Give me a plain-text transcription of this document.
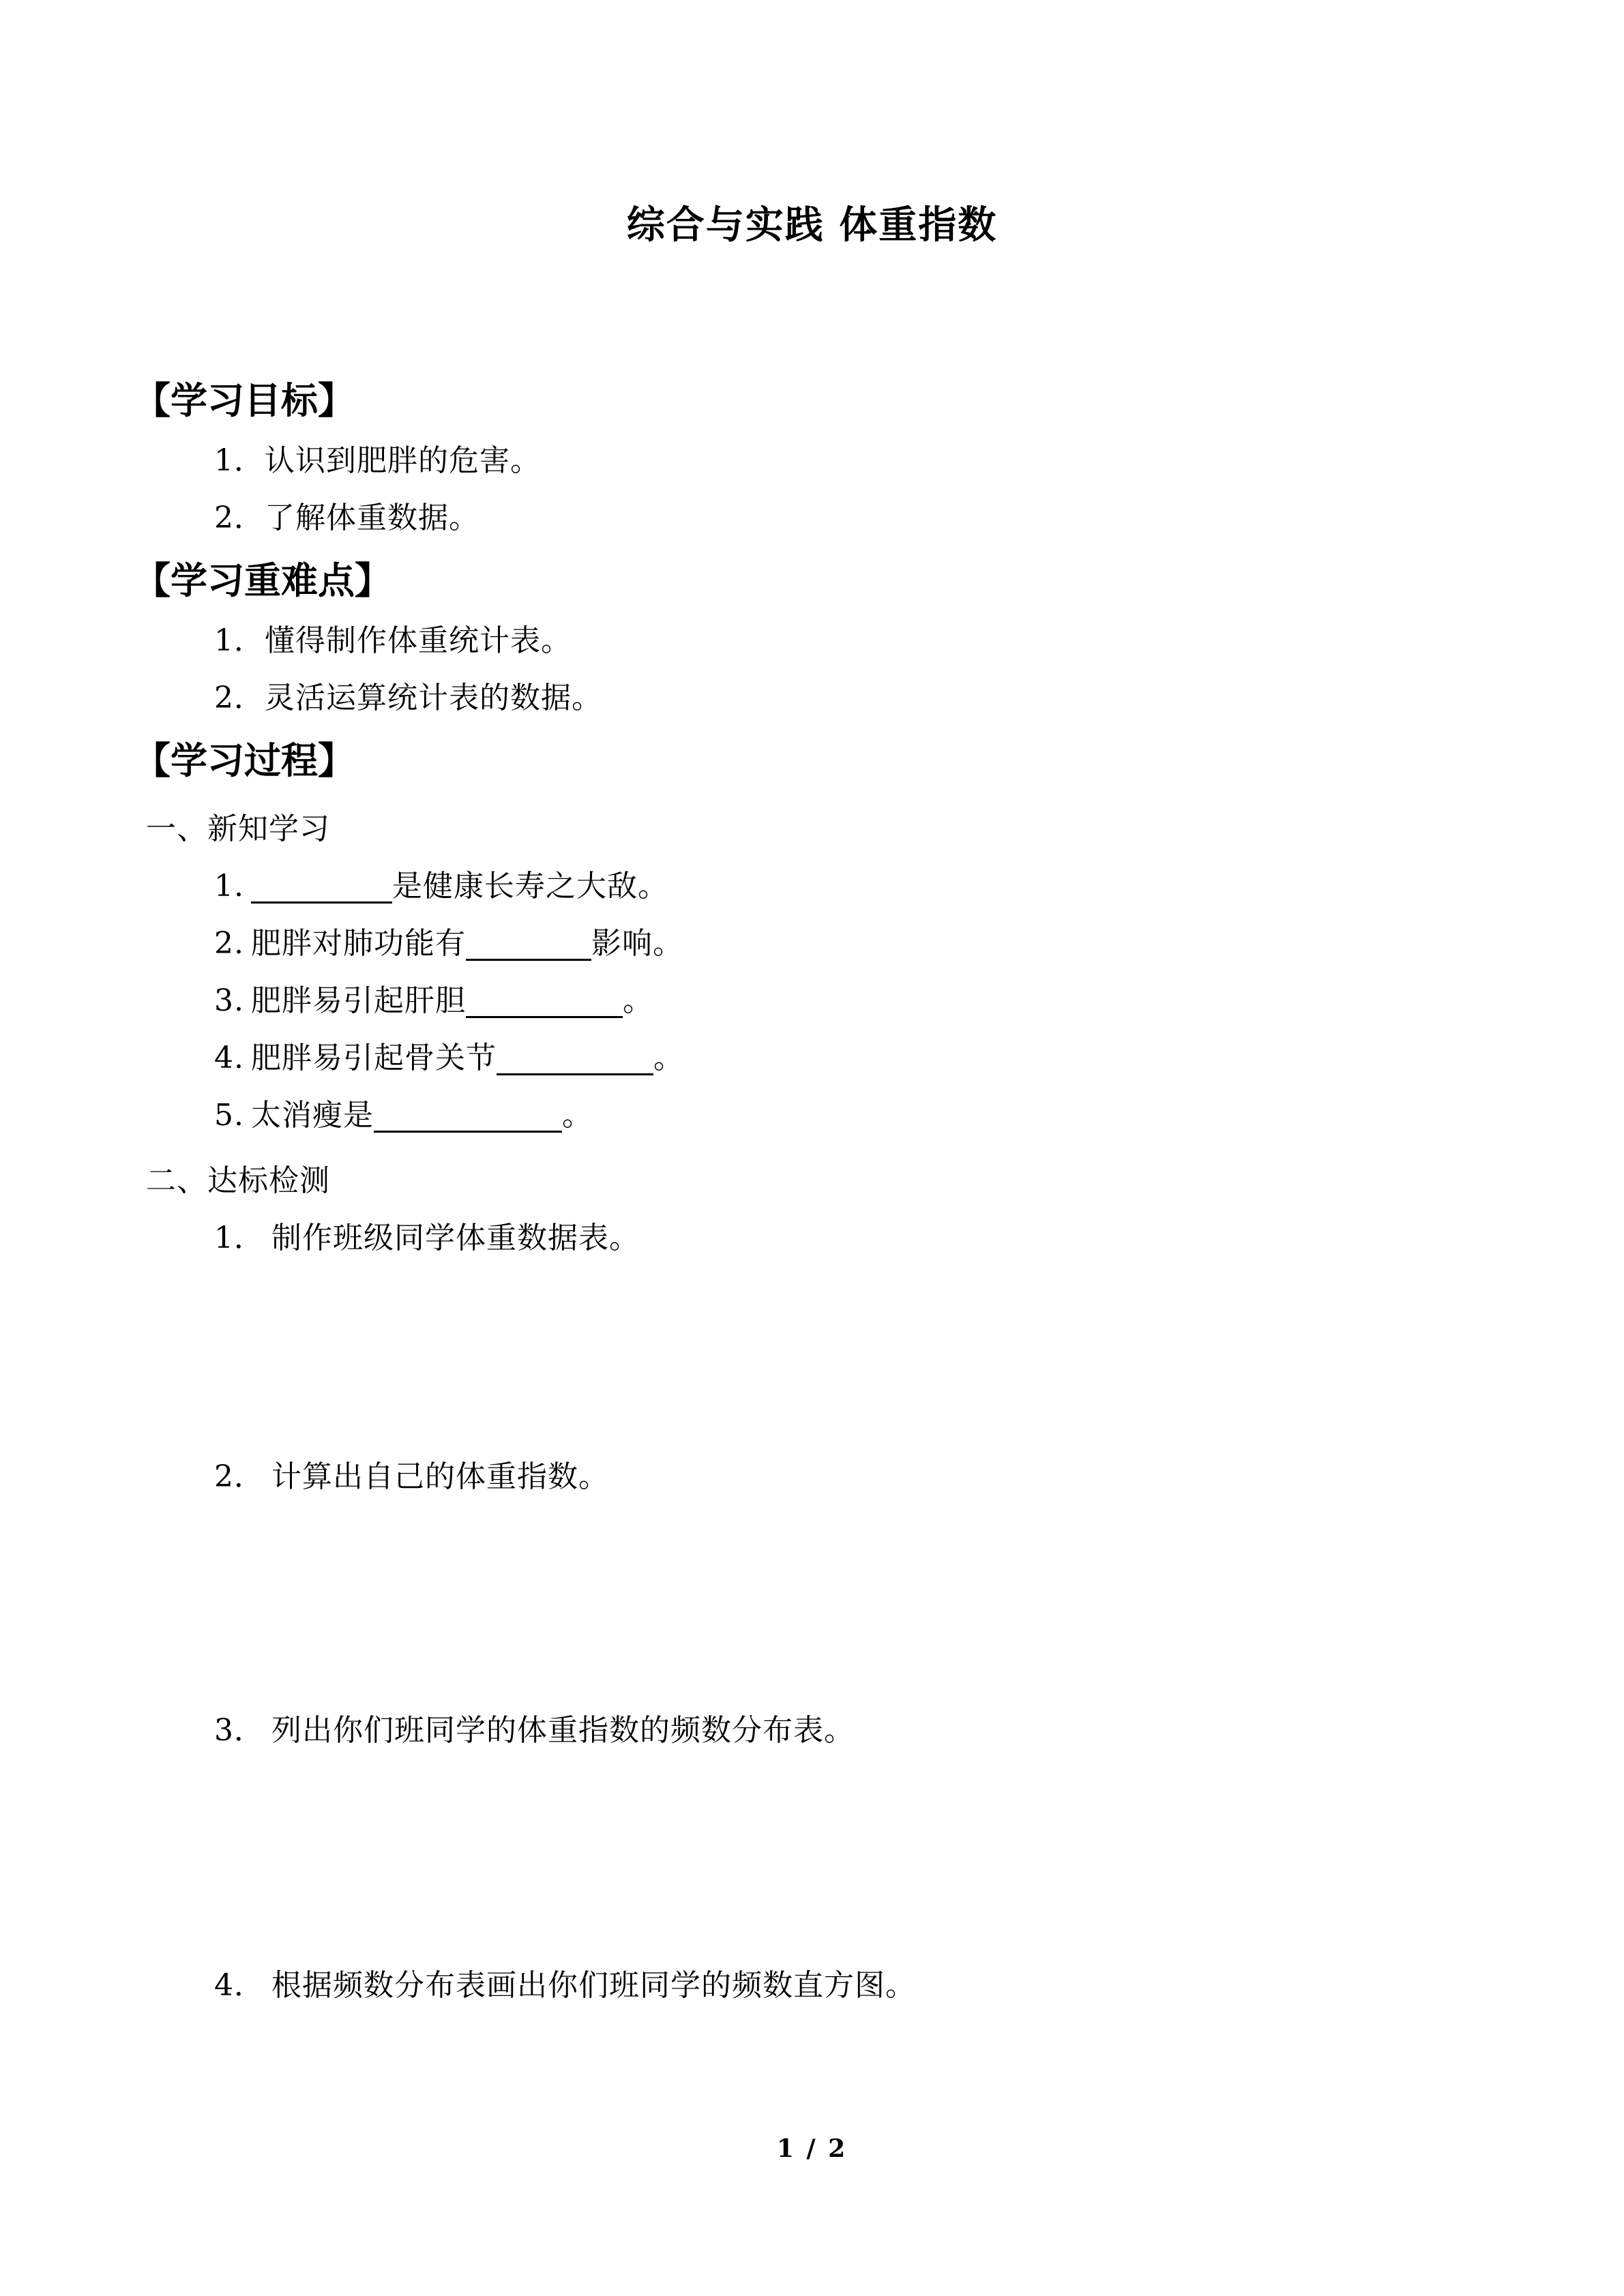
综合与实践 体重指数
【学习目标】
1．认识到肥胖的危害。
2．了解体重数据。
【学习重难点】
1．懂得制作体重统计表。
2．灵活运算统计表的数据。
【学习过程】
一、新知学习
1. _________是健康长寿之大敌。
2. 肥胖对肺功能有________影响。
3. 肥胖易引起肝胆__________。
4. 肥胖易引起骨关节__________。
5. 太消瘦是____________。
二、达标检测
1． 制作班级同学体重数据表。
2． 计算出自己的体重指数。
3． 列出你们班同学的体重指数的频数分布表。
4． 根据频数分布表画出你们班同学的频数直方图。
1 / 2
